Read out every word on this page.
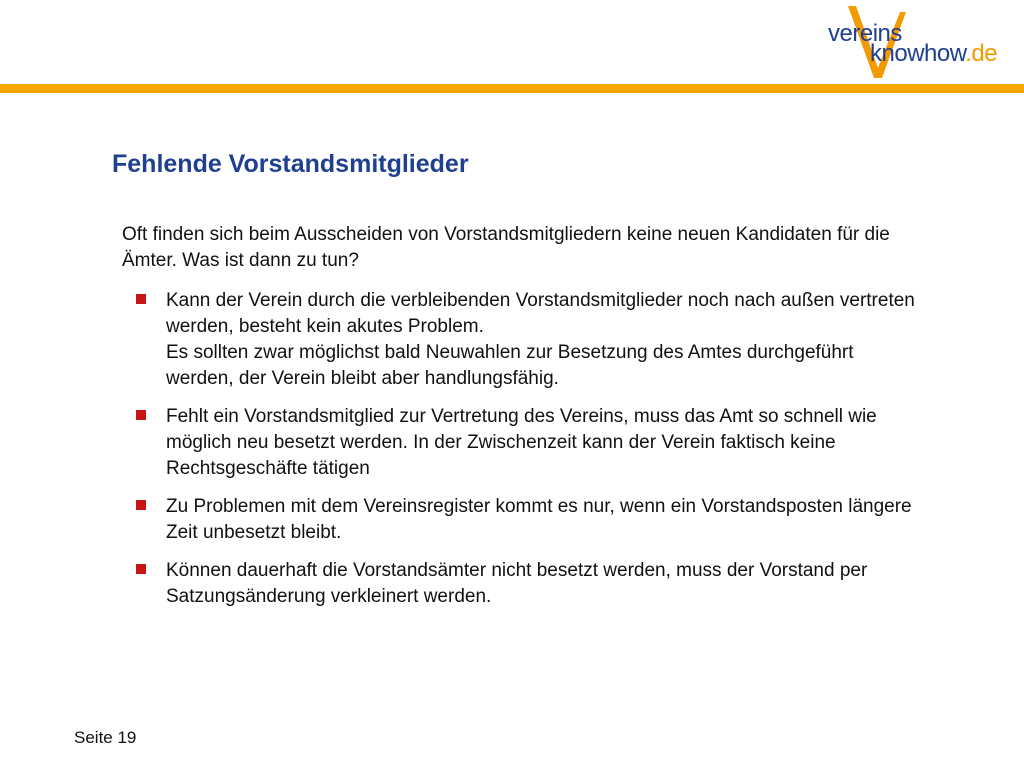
vereins
knowhow.de
Fehlende Vorstandsmitglieder

Oft finden sich beim Ausscheiden von Vorstandsmitgliedern keine neuen Kandidaten für die Ämter. Was ist dann zu tun?

Kann der Verein durch die verbleibenden Vorstandsmitglieder noch nach außen vertreten werden, besteht kein akutes Problem.
Es sollten zwar möglichst bald Neuwahlen zur Besetzung des Amtes durchgeführt werden, der Verein bleibt aber handlungsfähig.
Fehlt ein Vorstandsmitglied zur Vertretung des Vereins, muss das Amt so schnell wie möglich neu besetzt werden. In der Zwischenzeit kann der Verein faktisch keine Rechtsgeschäfte tätigen
Zu Problemen mit dem Vereinsregister kommt es nur, wenn ein Vorstandsposten längere Zeit unbesetzt bleibt.
Können dauerhaft die Vorstandsämter nicht besetzt werden, muss der Vorstand per Satzungsänderung verkleinert werden.
Seite 19
